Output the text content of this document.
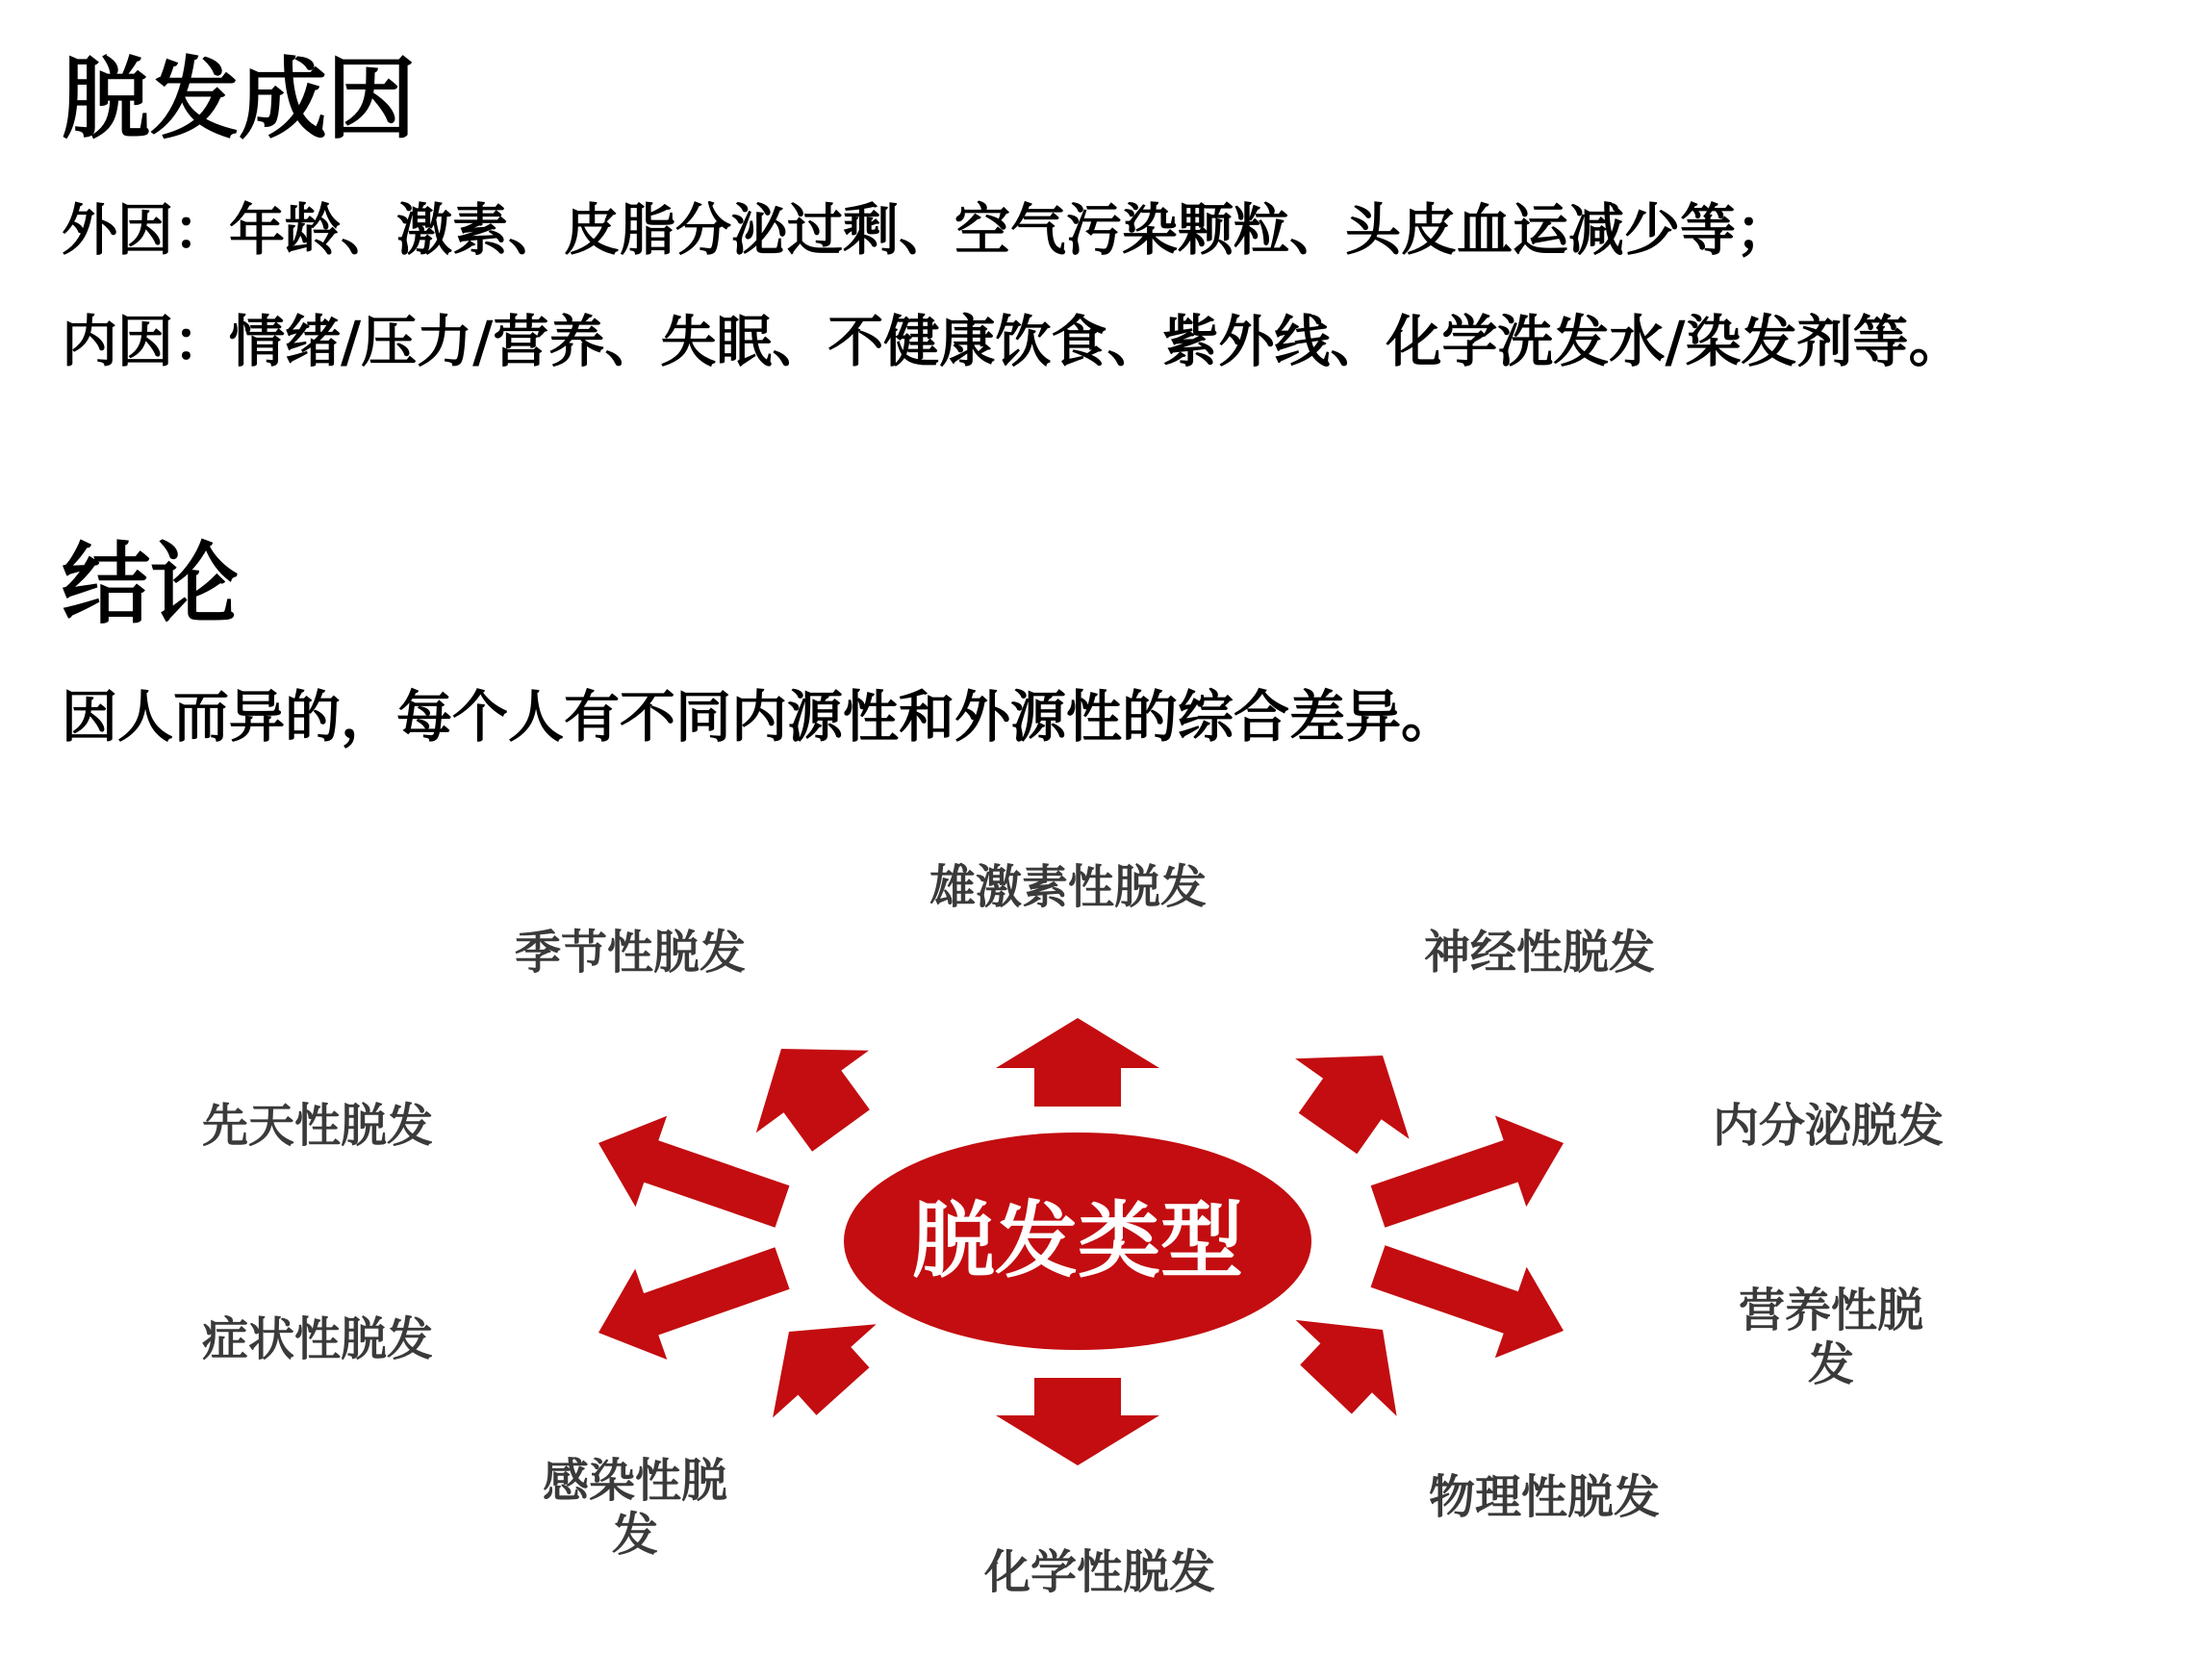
脱发成因

外因：年龄、激素、皮脂分泌过剩、空气污染颗粒、头皮血运减少等；

内因：情绪/压力/营养、失眠、不健康饮食、紫外线、化学洗发水/染发剂等。

结论

因人而异的，每个人有不同内源性和外源性的综合差异。

脱发类型
雄激素性脱发
神经性脱发
内分泌脱发
营养性脱发
物理性脱发
化学性脱发
感染性脱发
症状性脱发
先天性脱发
季节性脱发
